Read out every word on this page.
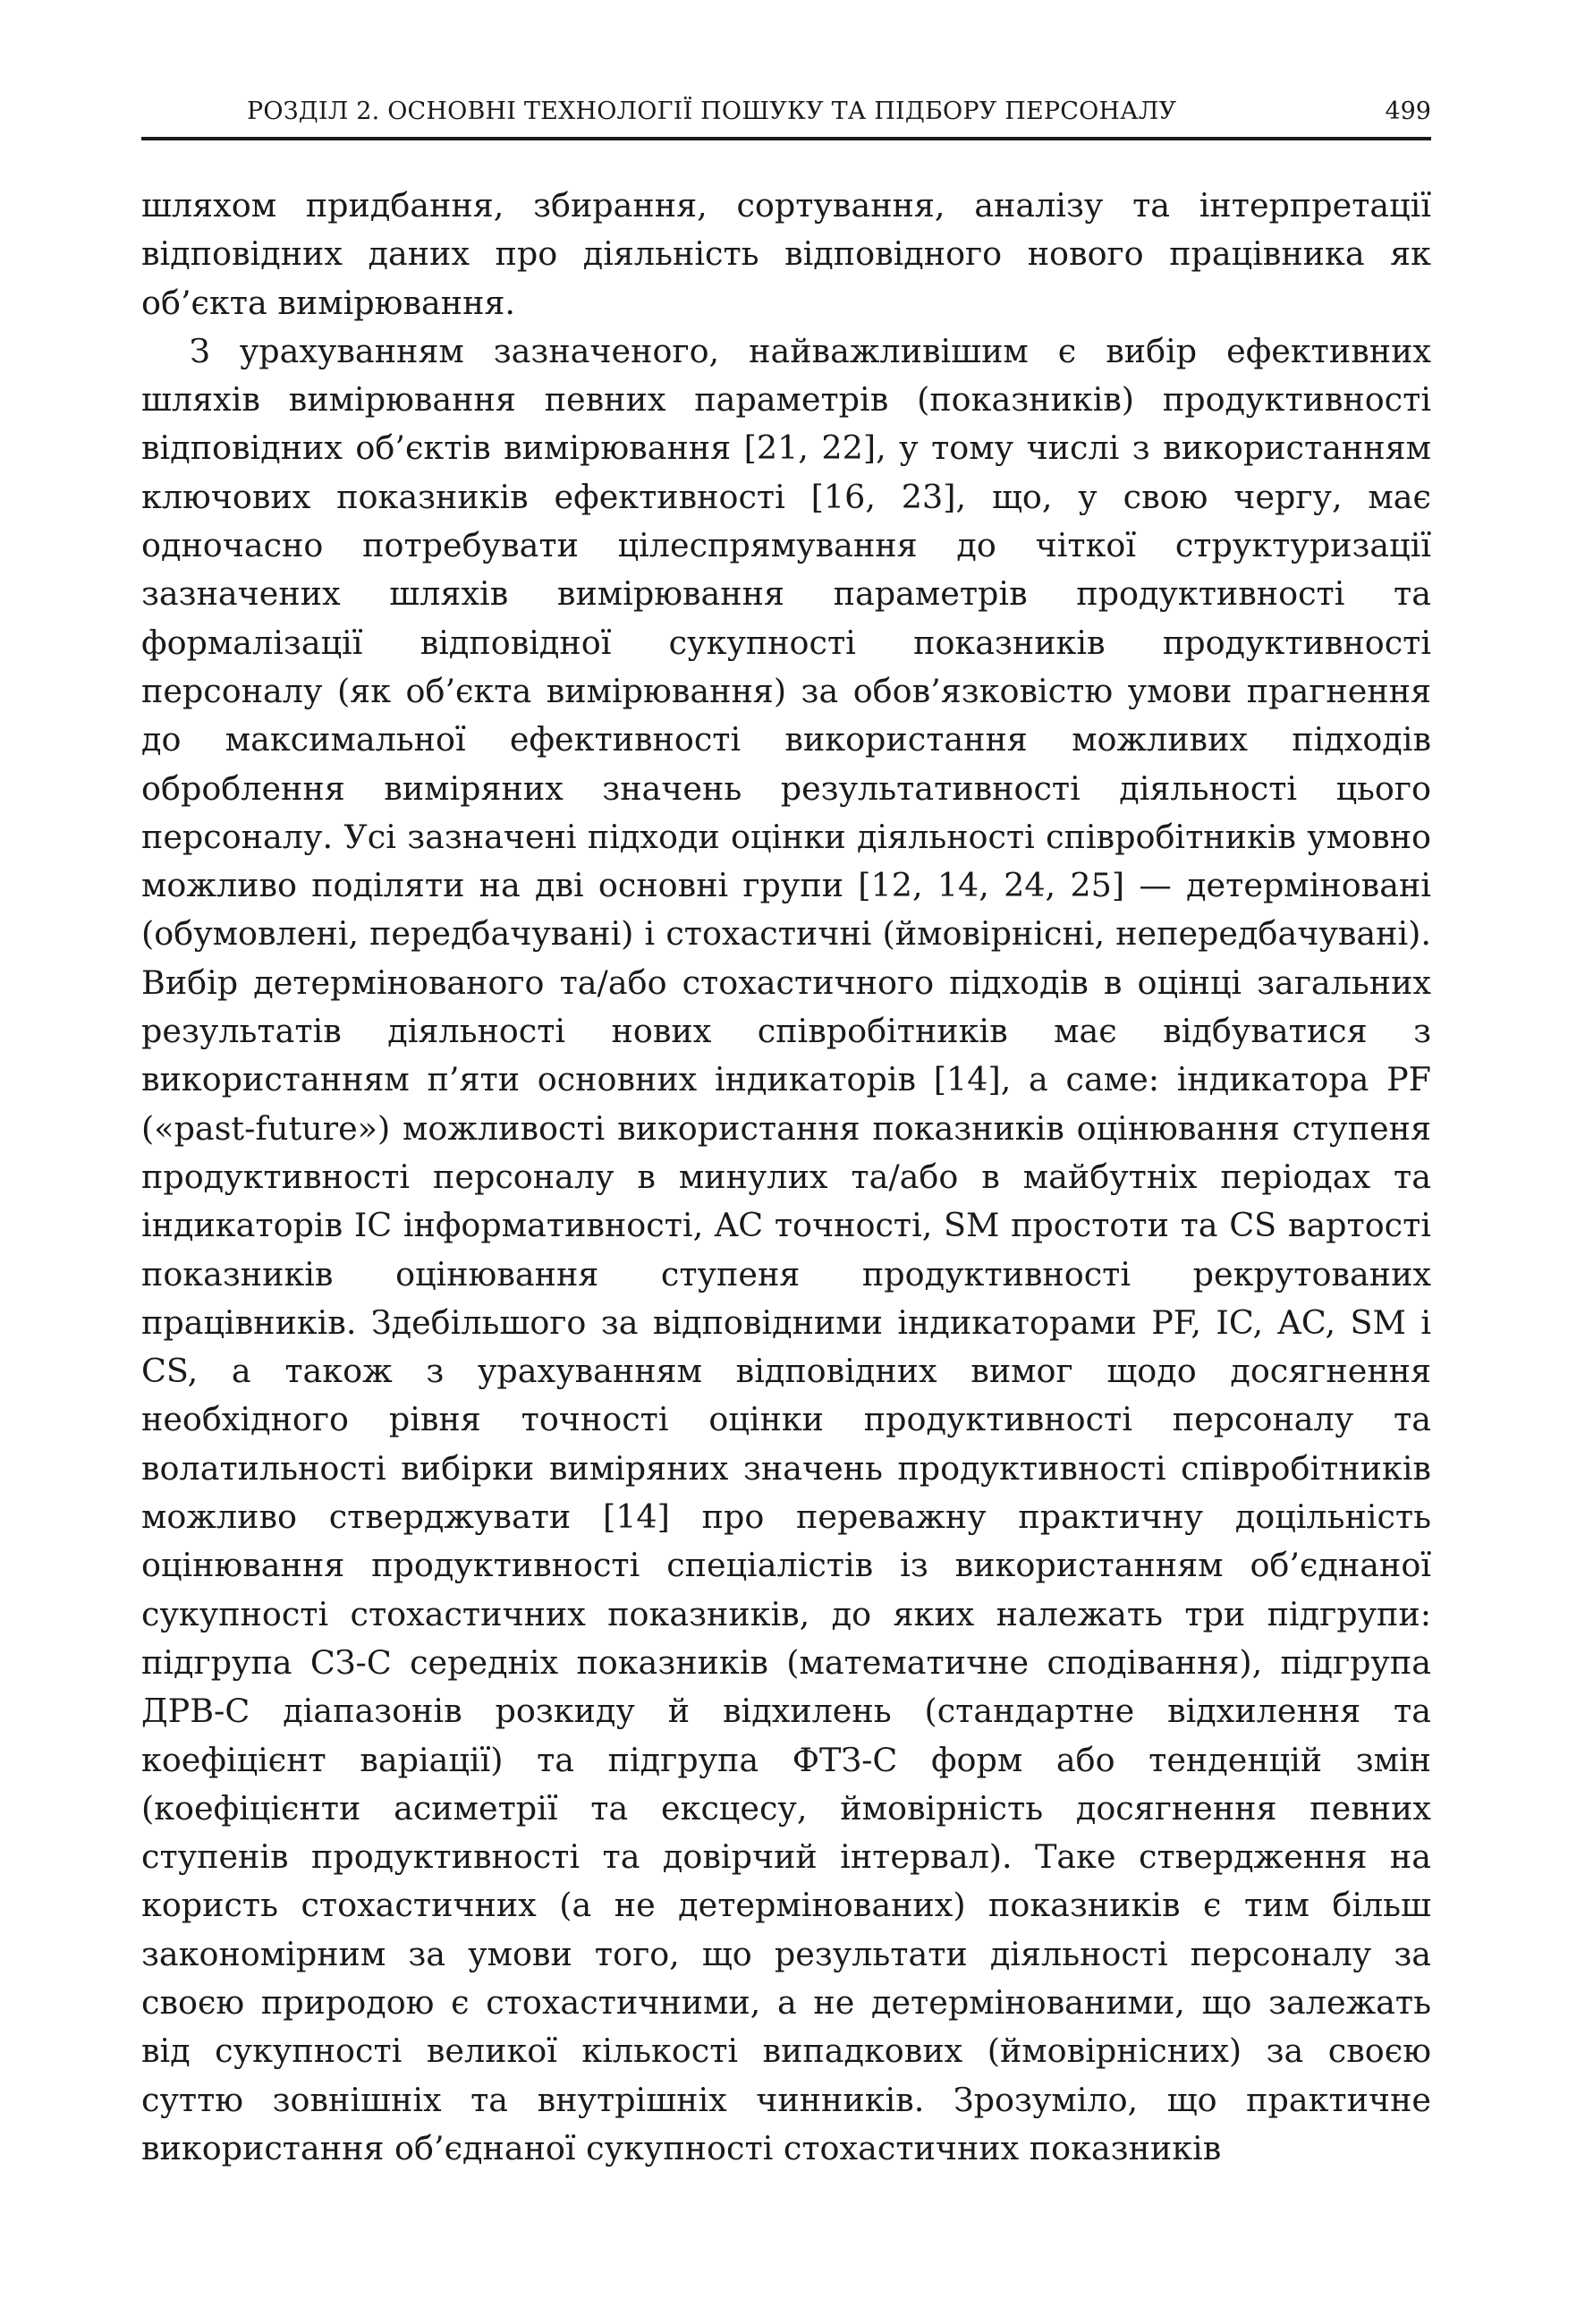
РОЗДІЛ 2. ОСНОВНІ ТЕХНОЛОГІЇ ПОШУКУ ТА ПІДБОРУ ПЕРСОНАЛУ	499

шляхом придбання, збирання, сортування, аналізу та інтерпретації відповідних даних про діяльність відповідного нового працівника як об’єкта вимірювання.

З урахуванням зазначеного, найважливішим є вибір ефективних шляхів вимірювання певних параметрів (показників) продуктивності відповідних об’єктів вимірювання [21, 22], у тому числі з використанням ключових показників ефективності [16, 23], що, у свою чергу, має одночасно потребувати цілеспрямування до чіткої структуризації зазначених шляхів вимірювання параметрів продуктивності та формалізації відповідної сукупності показників продуктивності персоналу (як об’єкта вимірювання) за обов’язковістю умови прагнення до максимальної ефективності використання можливих підходів оброблення виміряних значень результативності діяльності цього персоналу. Усі зазначені підходи оцінки діяльності співробітників умовно можливо поділяти на дві основні групи [12, 14, 24, 25] — детерміновані (обумовлені, передбачувані) і стохастичні (ймовірнісні, непередбачувані). Вибір детермінованого та/або стохастичного підходів в оцінці загальних результатів діяльності нових співробітників має відбуватися з використанням п’яти основних індикаторів [14], а саме: індикатора PF («past-future») можливості використання показників оцінювання ступеня продуктивності персоналу в минулих та/або в майбутніх періодах та індикаторів IC інформативності, AC точності, SM простоти та CS вартості показників оцінювання ступеня продуктивності рекрутованих працівників. Здебільшого за відповідними індикаторами PF, IC, AC, SM і CS, а також з урахуванням відповідних вимог щодо досягнення необхідного рівня точності оцінки продуктивності персоналу та волатильності вибірки виміряних значень продуктивності співробітників можливо стверджувати [14] про переважну практичну доцільність оцінювання продуктивності спеціалістів із використанням об’єднаної сукупності стохастичних показників, до яких належать три підгрупи: підгрупа СЗ-С середніх показників (математичне сподівання), підгрупа ДРВ-С діапазонів розкиду й відхилень (стандартне відхилення та коефіцієнт варіації) та підгрупа ФТЗ-С форм або тенденцій змін (коефіцієнти асиметрії та ексцесу, ймовірність досягнення певних ступенів продуктивності та довірчий інтервал). Таке ствердження на користь стохастичних (а не детермінованих) показників є тим більш закономірним за умови того, що результати діяльності персоналу за своєю природою є стохастичними, а не детермінованими, що залежать від сукупності великої кількості випадкових (ймовірнісних) за своєю суттю зовнішніх та внутрішніх чинників. Зрозуміло, що практичне використання об’єднаної сукупності стохастичних показників
